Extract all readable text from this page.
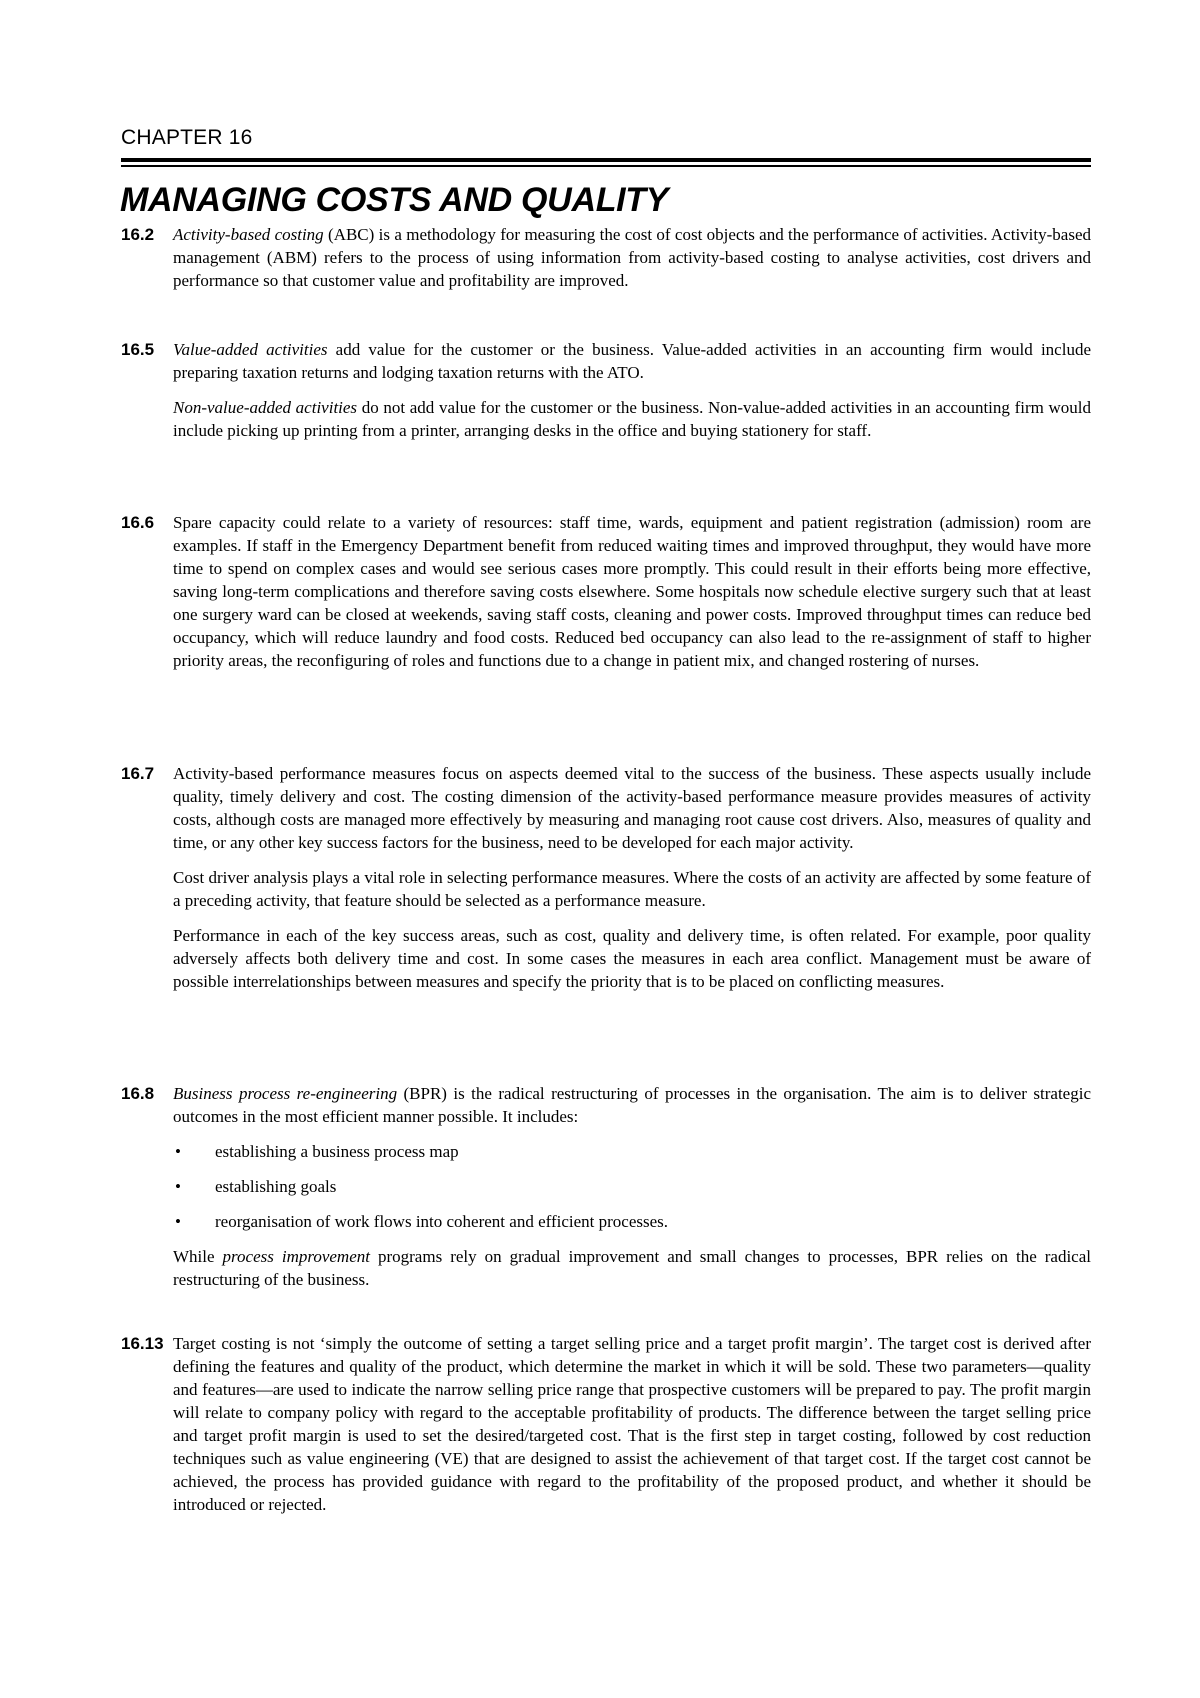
CHAPTER 16
MANAGING COSTS AND QUALITY
16.2 Activity-based costing (ABC) is a methodology for measuring the cost of cost objects and the performance of activities. Activity-based management (ABM) refers to the process of using information from activity-based costing to analyse activities, cost drivers and performance so that customer value and profitability are improved.

16.5 Value-added activities add value for the customer or the business. Value-added activities in an accounting firm would include preparing taxation returns and lodging taxation returns with the ATO.

Non-value-added activities do not add value for the customer or the business. Non-value-added activities in an accounting firm would include picking up printing from a printer, arranging desks in the office and buying stationery for staff.

16.6 Spare capacity could relate to a variety of resources: staff time, wards, equipment and patient registration (admission) room are examples. If staff in the Emergency Department benefit from reduced waiting times and improved throughput, they would have more time to spend on complex cases and would see serious cases more promptly. This could result in their efforts being more effective, saving long-term complications and therefore saving costs elsewhere. Some hospitals now schedule elective surgery such that at least one surgery ward can be closed at weekends, saving staff costs, cleaning and power costs. Improved throughput times can reduce bed occupancy, which will reduce laundry and food costs. Reduced bed occupancy can also lead to the re-assignment of staff to higher priority areas, the reconfiguring of roles and functions due to a change in patient mix, and changed rostering of nurses.

16.7 Activity-based performance measures focus on aspects deemed vital to the success of the business. These aspects usually include quality, timely delivery and cost. The costing dimension of the activity-based performance measure provides measures of activity costs, although costs are managed more effectively by measuring and managing root cause cost drivers. Also, measures of quality and time, or any other key success factors for the business, need to be developed for each major activity.

Cost driver analysis plays a vital role in selecting performance measures. Where the costs of an activity are affected by some feature of a preceding activity, that feature should be selected as a performance measure.

Performance in each of the key success areas, such as cost, quality and delivery time, is often related. For example, poor quality adversely affects both delivery time and cost. In some cases the measures in each area conflict. Management must be aware of possible interrelationships between measures and specify the priority that is to be placed on conflicting measures.

16.8 Business process re-engineering (BPR) is the radical restructuring of processes in the organisation. The aim is to deliver strategic outcomes in the most efficient manner possible. It includes:

• establishing a business process map
• establishing goals
• reorganisation of work flows into coherent and efficient processes.

While process improvement programs rely on gradual improvement and small changes to processes, BPR relies on the radical restructuring of the business.

16.13 Target costing is not ‘simply the outcome of setting a target selling price and a target profit margin’. The target cost is derived after defining the features and quality of the product, which determine the market in which it will be sold. These two parameters—quality and features—are used to indicate the narrow selling price range that prospective customers will be prepared to pay. The profit margin will relate to company policy with regard to the acceptable profitability of products. The difference between the target selling price and target profit margin is used to set the desired/targeted cost. That is the first step in target costing, followed by cost reduction techniques such as value engineering (VE) that are designed to assist the achievement of that target cost. If the target cost cannot be achieved, the process has provided guidance with regard to the profitability of the proposed product, and whether it should be introduced or rejected.
